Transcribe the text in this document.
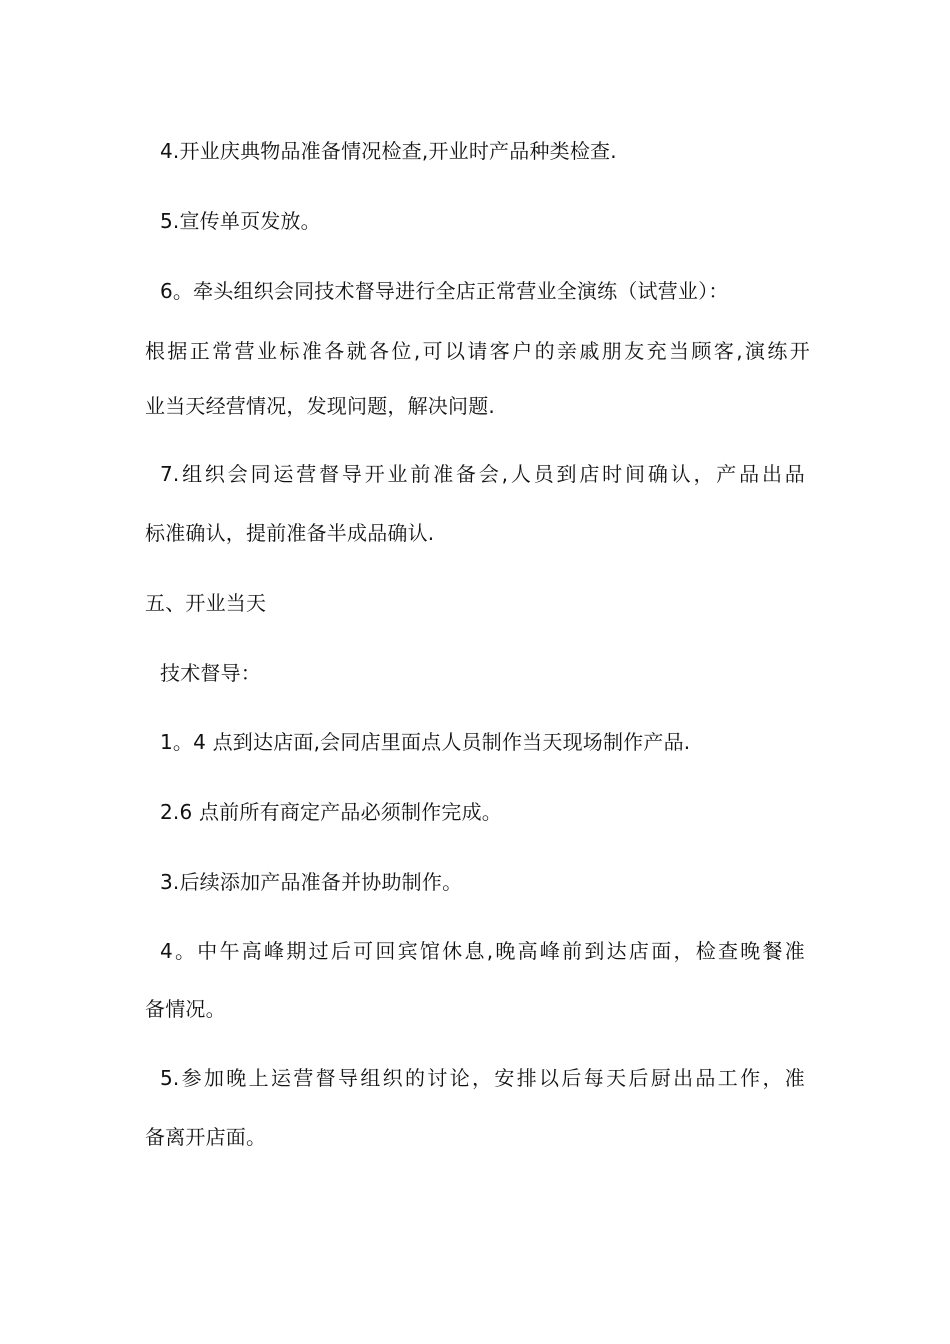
4.开业庆典物品准备情况检查,开业时产品种类检查.
5.宣传单页发放。
6。牵头组织会同技术督导进行全店正常营业全演练（试营业）：
根据正常营业标准各就各位,可以请客户的亲戚朋友充当顾客,演练开
业当天经营情况，发现问题，解决问题.
7.组织会同运营督导开业前准备会,人员到店时间确认，产品出品
标准确认，提前准备半成品确认.
五、开业当天
技术督导：
1。4 点到达店面,会同店里面点人员制作当天现场制作产品.
2.6 点前所有商定产品必须制作完成。
3.后续添加产品准备并协助制作。
4。中午高峰期过后可回宾馆休息,晚高峰前到达店面，检查晚餐准
备情况。
5.参加晚上运营督导组织的讨论，安排以后每天后厨出品工作，准
备离开店面。
